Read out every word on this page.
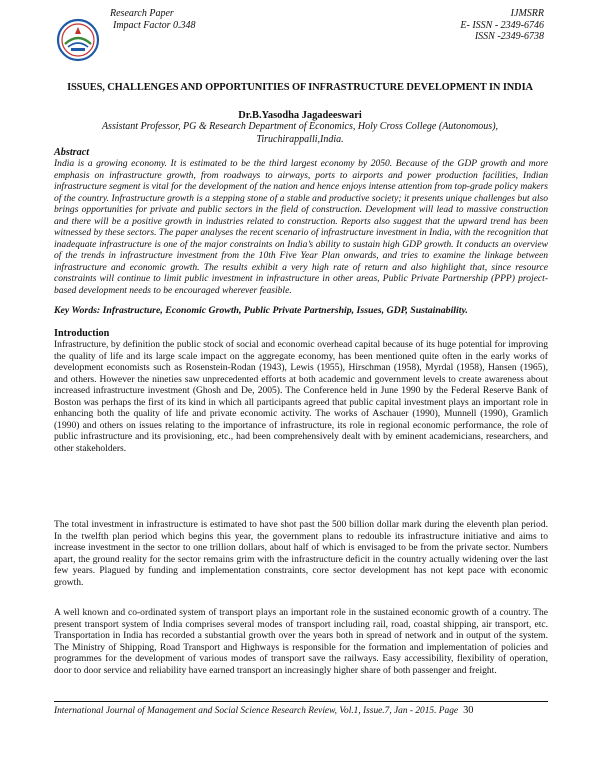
Research Paper
Impact Factor 0.348
IJMSRR
E- ISSN - 2349-6746
ISSN -2349-6738
ISSUES, CHALLENGES AND OPPORTUNITIES OF INFRASTRUCTURE DEVELOPMENT IN INDIA
Dr.B.Yasodha Jagadeeswari
Assistant Professor, PG & Research Department of Economics, Holy Cross College (Autonomous),
Tiruchirappalli,India.
Abstract
India is a growing economy. It is estimated to be the third largest economy by 2050. Because of the GDP growth and more emphasis on infrastructure growth, from roadways to airways, ports to airports and power production facilities, Indian infrastructure segment is vital for the development of the nation and hence enjoys intense attention from top-grade policy makers of the country. Infrastructure growth is a stepping stone of a stable and productive society; it presents unique challenges but also brings opportunities for private and public sectors in the field of construction. Development will lead to massive construction and there will be a positive growth in industries related to construction. Reports also suggest that the upward trend has been witnessed by these sectors. The paper analyses the recent scenario of infrastructure investment in India, with the recognition that inadequate infrastructure is one of the major constraints on India’s ability to sustain high GDP growth. It conducts an overview of the trends in infrastructure investment from the 10th Five Year Plan onwards, and tries to examine the linkage between infrastructure and economic growth. The results exhibit a very high rate of return and also highlight that, since resource constraints will continue to limit public investment in infrastructure in other areas, Public Private Partnership (PPP) project-based development needs to be encouraged wherever feasible.
Key Words: Infrastructure, Economic Growth, Public Private Partnership, Issues, GDP, Sustainability.
Introduction
Infrastructure, by definition the public stock of social and economic overhead capital because of its huge potential for improving the quality of life and its large scale impact on the aggregate economy, has been mentioned quite often in the early works of development economists such as Rosenstein-Rodan (1943), Lewis (1955), Hirschman (1958), Myrdal (1958), Hansen (1965), and others. However the nineties saw unprecedented efforts at both academic and government levels to create awareness about increased infrastructure investment (Ghosh and De, 2005). The Conference held in June 1990 by the Federal Reserve Bank of Boston was perhaps the first of its kind in which all participants agreed that public capital investment plays an important role in enhancing both the quality of life and private economic activity. The works of Aschauer (1990), Munnell (1990), Gramlich (1990) and others on issues relating to the importance of infrastructure, its role in regional economic performance, the role of public infrastructure and its provisioning, etc., had been comprehensively dealt with by eminent academicians, researchers, and other stakeholders.
The total investment in infrastructure is estimated to have shot past the 500 billion dollar mark during the eleventh plan period. In the twelfth plan period which begins this year, the government plans to redouble its infrastructure initiative and aims to increase investment in the sector to one trillion dollars, about half of which is envisaged to be from the private sector. Numbers apart, the ground reality for the sector remains grim with the infrastructure deficit in the country actually widening over the last few years. Plagued by funding and implementation constraints, core sector development has not kept pace with economic growth.
A well known and co-ordinated system of transport plays an important role in the sustained economic growth of a country. The present transport system of India comprises several modes of transport including rail, road, coastal shipping, air transport, etc. Transportation in India has recorded a substantial growth over the years both in spread of network and in output of the system. The Ministry of Shipping, Road Transport and Highways is responsible for the formation and implementation of policies and programmes for the development of various modes of transport save the railways. Easy accessibility, flexibility of operation, door to door service and reliability have earned transport an increasingly higher share of both passenger and freight.
International Journal of Management and Social Science Research Review, Vol.1, Issue.7, Jan - 2015. Page 30
